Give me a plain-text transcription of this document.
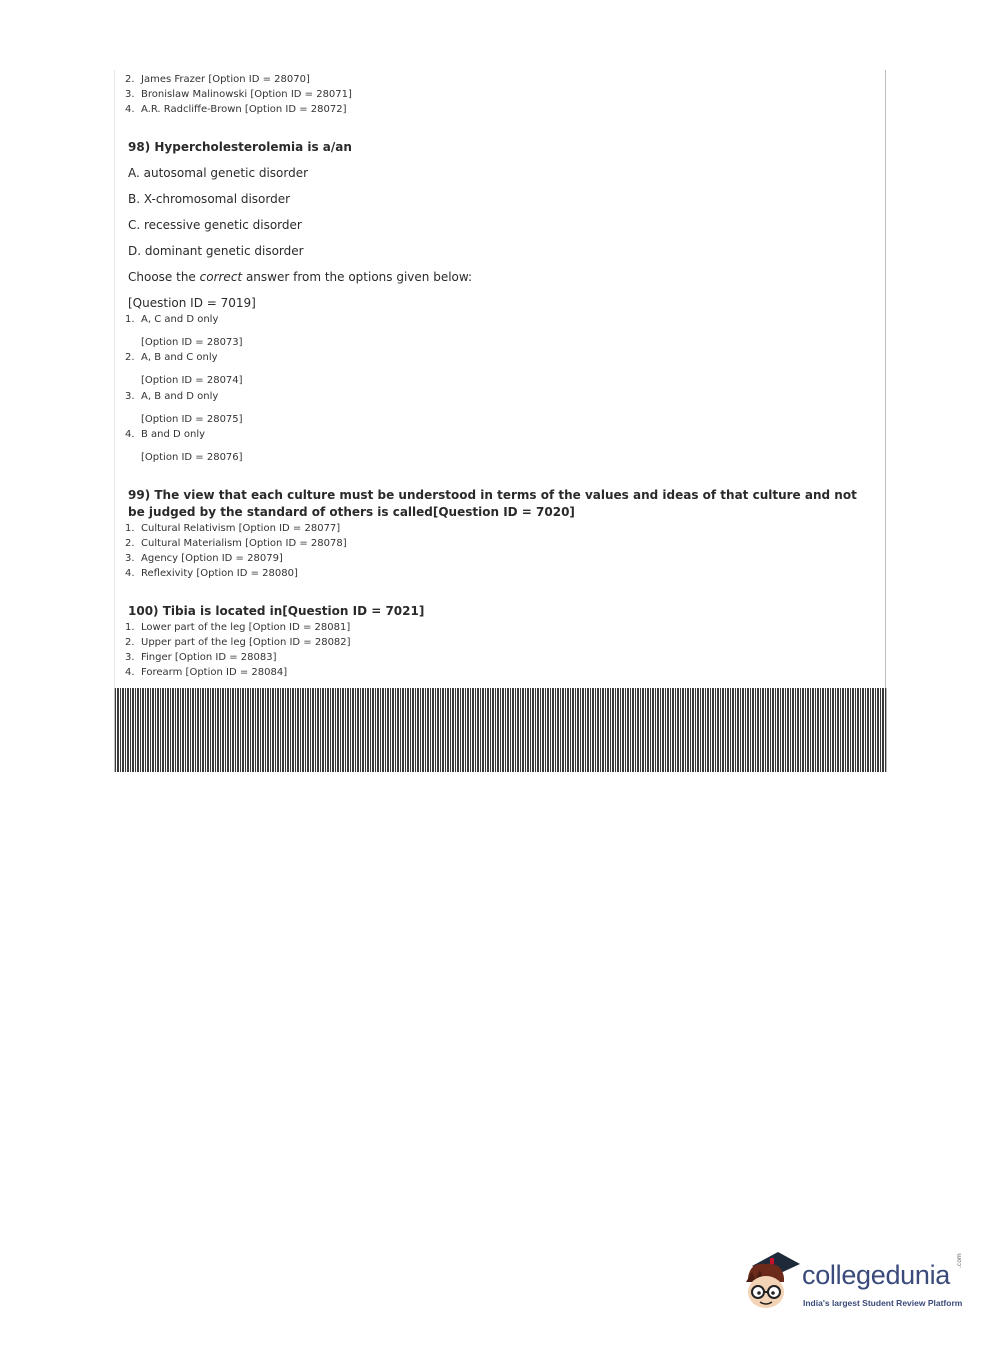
2. James Frazer [Option ID = 28070]
3. Bronislaw Malinowski [Option ID = 28071]
4. A.R. Radcliffe-Brown [Option ID = 28072]
98) Hypercholesterolemia is a/an
A. autosomal genetic disorder
B. X-chromosomal disorder
C. recessive genetic disorder
D. dominant genetic disorder
Choose the correct answer from the options given below:
[Question ID = 7019]
1. A, C and D only
[Option ID = 28073]
2. A, B and C only
[Option ID = 28074]
3. A, B and D only
[Option ID = 28075]
4. B and D only
[Option ID = 28076]
99) The view that each culture must be understood in terms of the values and ideas of that culture and not be judged by the standard of others is called[Question ID = 7020]
1. Cultural Relativism [Option ID = 28077]
2. Cultural Materialism [Option ID = 28078]
3. Agency [Option ID = 28079]
4. Reflexivity [Option ID = 28080]
100) Tibia is located in[Question ID = 7021]
1. Lower part of the leg [Option ID = 28081]
2. Upper part of the leg [Option ID = 28082]
3. Finger [Option ID = 28083]
4. Forearm [Option ID = 28084]
collegedunia .com
India's largest Student Review Platform
